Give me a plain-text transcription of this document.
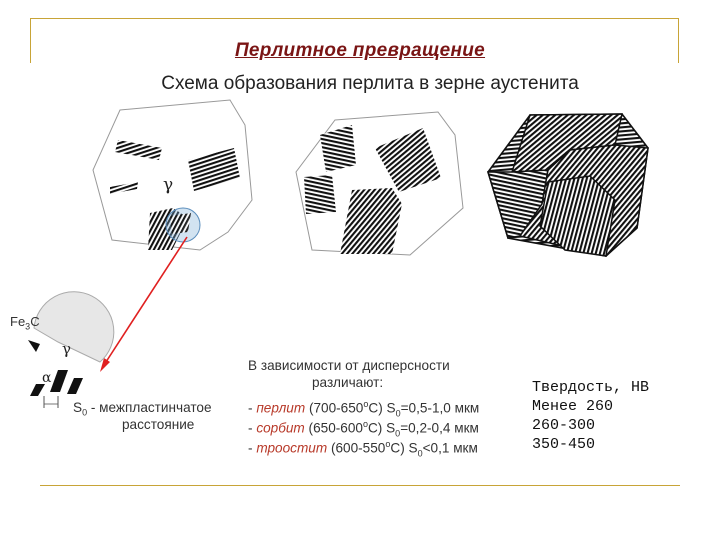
Перлитное превращение
Схема образования перлита в зерне аустенита
γ
γ
α
$Fe_3C$
$S_0$ - межпластинчатое
расстояние
В зависимости от дисперсности
различают:
- перлит (700-650$^o$C) $S_0=0,5-1,0$ мкм
- сорбит (650-600$^o$C) $S_0=0,2-0,4$ мкм
- троостит (600-550$^o$C) $S_0<0,1$ мкм
Твердость, НВ
Менее 260
260-300
350-450
